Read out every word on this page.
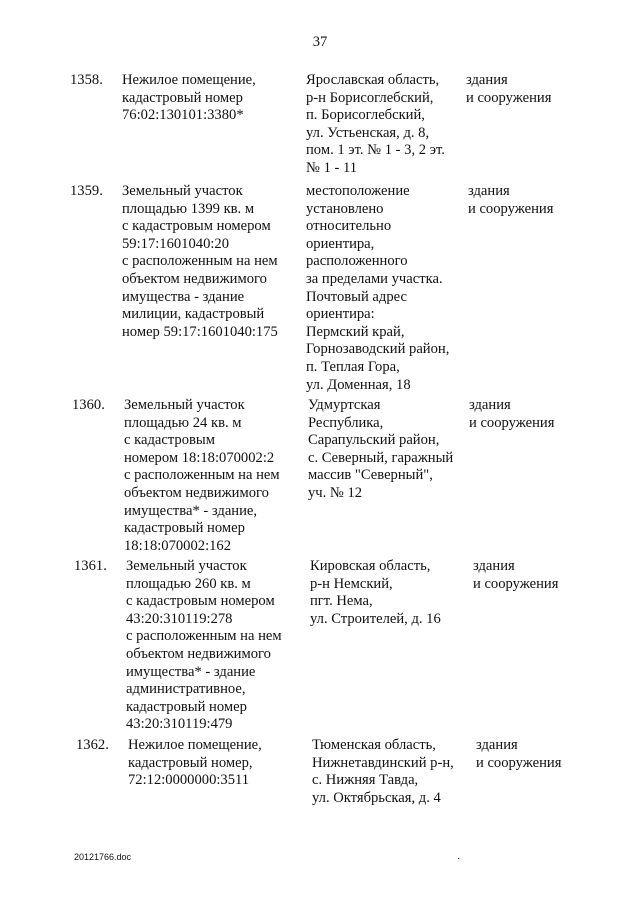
37
1358. Нежилое помещение,
кадастровый номер
76:02:130101:3380*
Ярославская область,
р-н Борисоглебский,
п. Борисоглебский,
ул. Устьенская, д. 8,
пом. 1 эт. № 1 - 3, 2 эт.
№ 1 - 11
здания
и сооружения
1359. Земельный участок
площадью 1399 кв. м
с кадастровым номером
59:17:1601040:20
с расположенным на нем
объектом недвижимого
имущества - здание
милиции, кадастровый
номер 59:17:1601040:175
местоположение
установлено
относительно
ориентира,
расположенного
за пределами участка.
Почтовый адрес
ориентира:
Пермский край,
Горнозаводский район,
п. Теплая Гора,
ул. Доменная, 18
здания
и сооружения
1360. Земельный участок
площадью 24 кв. м
с кадастровым
номером 18:18:070002:2
с расположенным на нем
объектом недвижимого
имущества* - здание,
кадастровый номер
18:18:070002:162
Удмуртская
Республика,
Сарапульский район,
с. Северный, гаражный
массив "Северный",
уч. № 12
здания
и сооружения
1361. Земельный участок
площадью 260 кв. м
с кадастровым номером
43:20:310119:278
с расположенным на нем
объектом недвижимого
имущества* - здание
административное,
кадастровый номер
43:20:310119:479
Кировская область,
р-н Немский,
пгт. Нема,
ул. Строителей, д. 16
здания
и сооружения
1362. Нежилое помещение,
кадастровый номер,
72:12:0000000:3511
Тюменская область,
Нижнетавдинский р-н,
с. Нижняя Тавда,
ул. Октябрьская, д. 4
здания
и сооружения
20121766.doc	·
